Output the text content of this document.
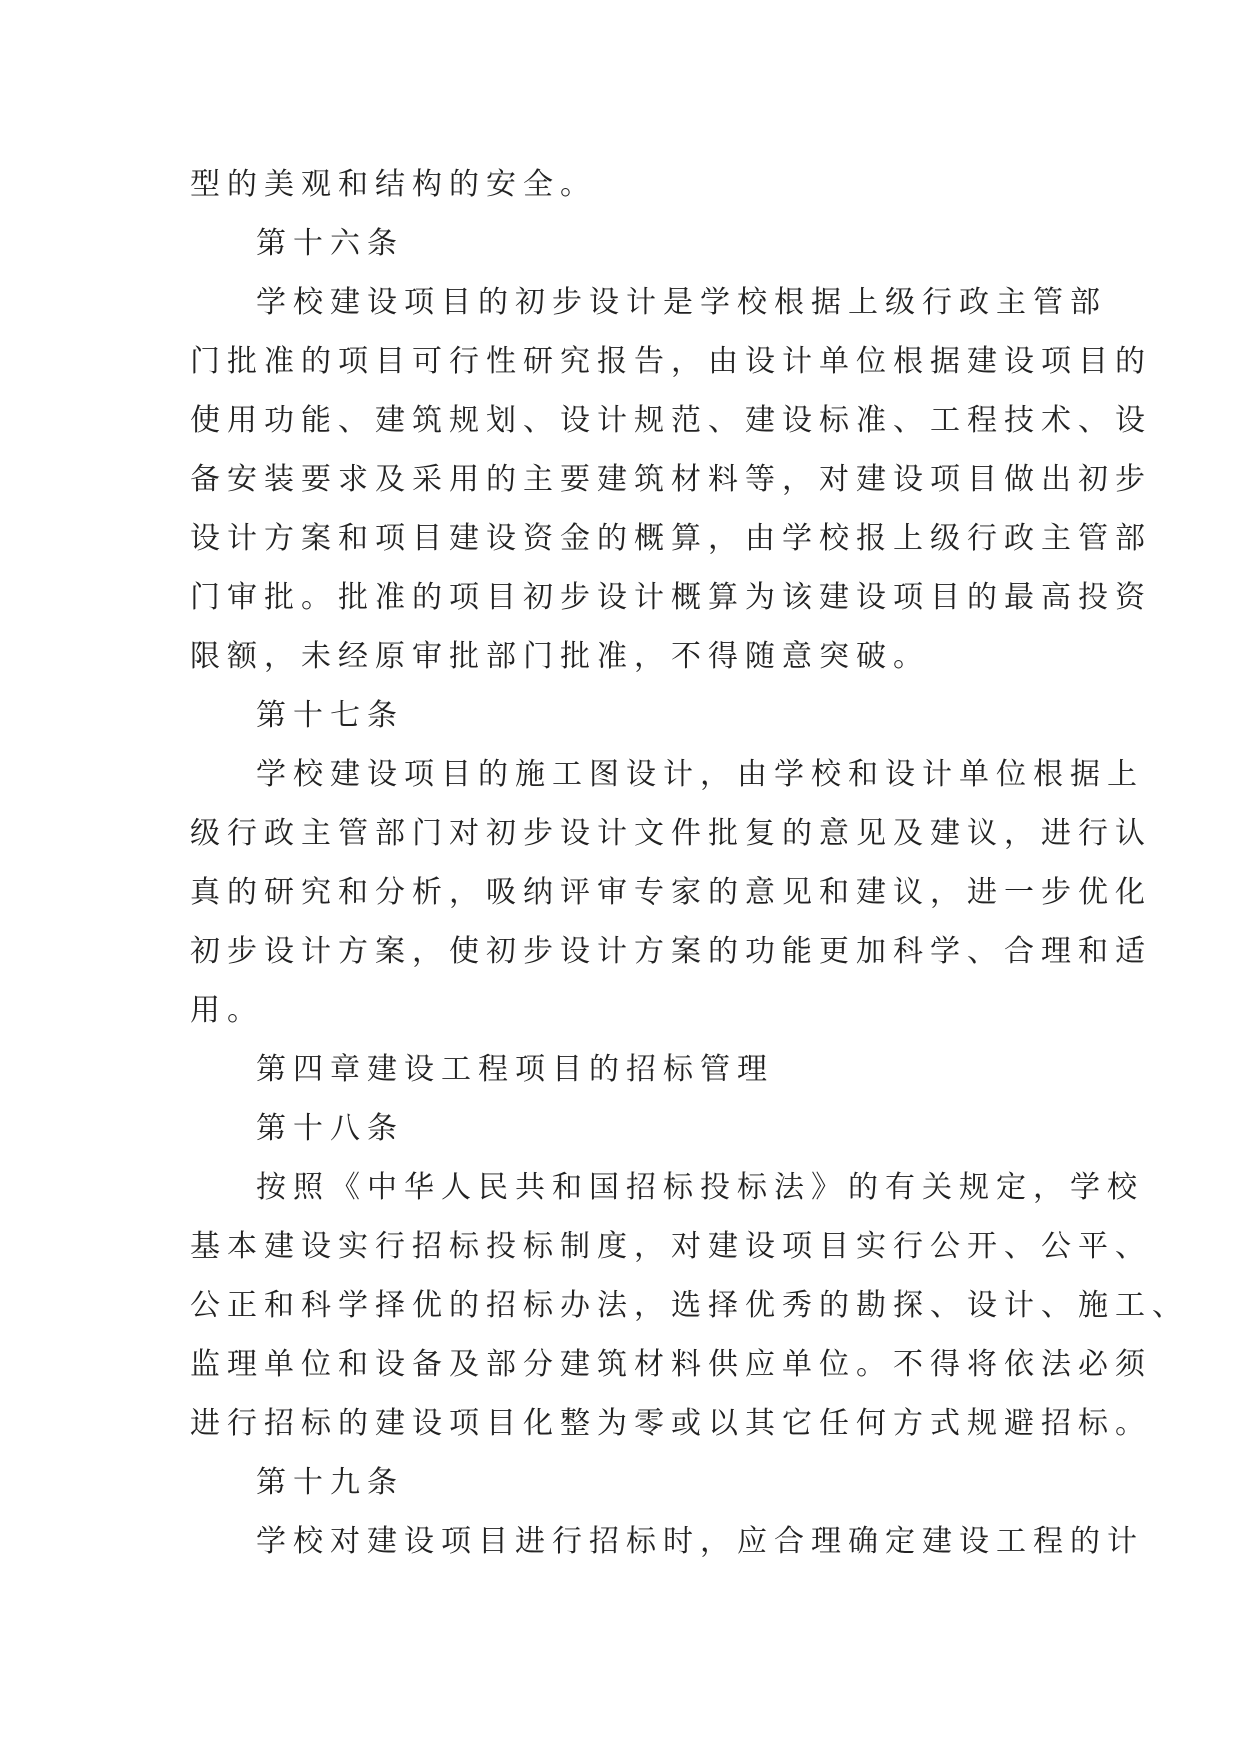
型的美观和结构的安全。
第十六条
学校建设项目的初步设计是学校根据上级行政主管部
门批准的项目可行性研究报告，由设计单位根据建设项目的
使用功能、建筑规划、设计规范、建设标准、工程技术、设
备安装要求及采用的主要建筑材料等，对建设项目做出初步
设计方案和项目建设资金的概算，由学校报上级行政主管部
门审批。批准的项目初步设计概算为该建设项目的最高投资
限额，未经原审批部门批准，不得随意突破。
第十七条
学校建设项目的施工图设计，由学校和设计单位根据上
级行政主管部门对初步设计文件批复的意见及建议，进行认
真的研究和分析，吸纳评审专家的意见和建议，进一步优化
初步设计方案，使初步设计方案的功能更加科学、合理和适
用。
第四章建设工程项目的招标管理
第十八条
按照《中华人民共和国招标投标法》的有关规定，学校
基本建设实行招标投标制度，对建设项目实行公开、公平、
公正和科学择优的招标办法，选择优秀的勘探、设计、施工、
监理单位和设备及部分建筑材料供应单位。不得将依法必须
进行招标的建设项目化整为零或以其它任何方式规避招标。
第十九条
学校对建设项目进行招标时，应合理确定建设工程的计
